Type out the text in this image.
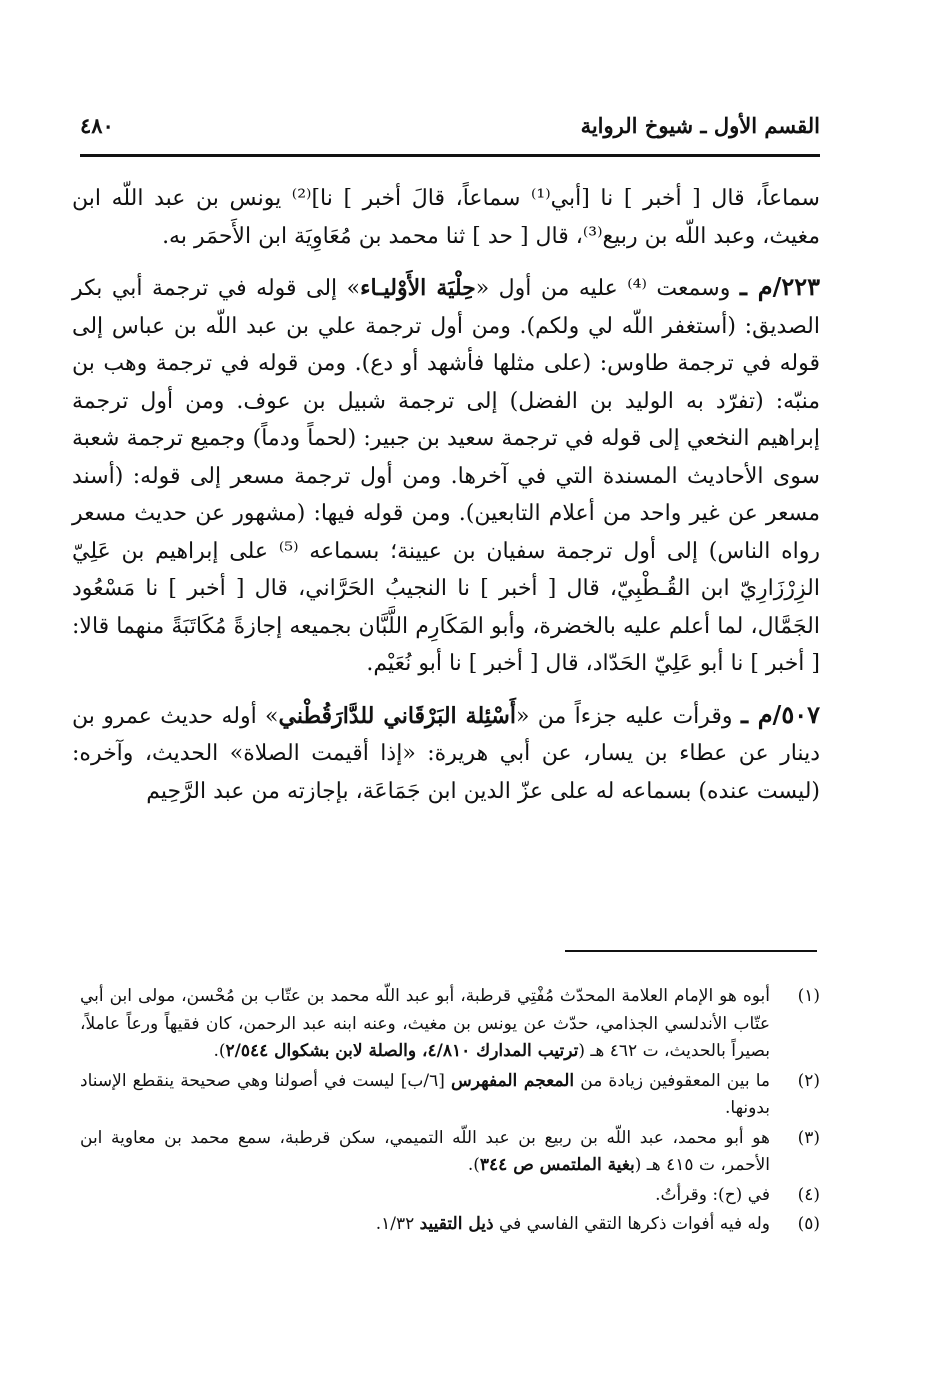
القسم الأول ـ شيوخ الرواية
٤٨٠

سماعاً، قال [ أخبر ] نا [أبي⁽¹⁾ سماعاً، قالَ أخبر ] نا]⁽²⁾ يونس بن عبد اللّه ابن مغيث، وعبد اللّه بن ربيع⁽³⁾، قال [ حد ] ثنا محمد بن مُعَاوِيَة ابن الأَحمَر به.

٢٢٣/م ـ وسمعت ⁽⁴⁾ عليه من أول «حِلْيَة الأَوْليـاء» إلى قوله في ترجمة أبي بكر الصديق: (أستغفر اللّه لي ولكم). ومن أول ترجمة علي بن عبد اللّه بن عباس إلى قوله في ترجمة طاوس: (على مثلها فأشهد أو دع). ومن قوله في ترجمة وهب بن منبّه: (تفرّد به الوليد بن الفضل) إلى ترجمة شبيل بن عوف. ومن أول ترجمة إبراهيم النخعي إلى قوله في ترجمة سعيد بن جبير: (لحماً ودماً) وجميع ترجمة شعبة سوى الأحاديث المسندة التي في آخرها. ومن أول ترجمة مسعر إلى قوله: (أسند مسعر عن غير واحد من أعلام التابعين). ومن قوله فيها: (مشهور عن حديث مسعر رواه الناس) إلى أول ترجمة سفيان بن عيينة؛ بسماعه ⁽⁵⁾ على إبراهيم بن عَلِيّ الزِرْزَارِيّ ابن القُـطْبِيّ، قال [ أخبر ] نا النجيبُ الحَرَّاني، قال [ أخبر ] نا مَسْعُود الجَمَّال، لما أعلم عليه بالخضرة، وأبو المَكَارِم اللَّبَّان بجميعه إجازةً مُكَاتَبَةً منهما قالا: [ أخبر ] نا أبو عَلِيّ الحَدّاد، قال [ أخبر ] نا أبو نُعَيْم.

٥٠٧/م ـ وقرأت عليه جزءاً من «أَسْئِلة البَرْقَاني للدَّارَقُطْني» أوله حديث عمرو بن دينار عن عطاء بن يسار، عن أبي هريرة: «إذا أقيمت الصلاة» الحديث، وآخره: (ليست عنده) بسماعه له على عزّ الدين ابن جَمَاعَة، بإجازته من عبد الرَّحِيم

(١)
أبوه هو الإمام العلامة المحدّث مُفْتِي قرطبة، أبو عبد اللّه محمد بن عتّاب بن مُحْسن، مولى ابن أبي عتّاب الأندلسي الجذامي، حدّث عن يونس بن مغيث، وعنه ابنه عبد الرحمن، كان فقيهاً ورعاً عاملاً، بصيراً بالحديث، ت ٤٦٢ هـ (ترتيب المدارك ٤/٨١٠، والصلة لابن بشكوال ٢/٥٤٤).
(٢)
ما بين المعقوفين زيادة من المعجم المفهرس [٦/ب] ليست في أصولنا وهي صحيحة ينقطع الإسناد بدونها.
(٣)
هو أبو محمد، عبد اللّه بن ربيع بن عبد اللّه التميمي، سكن قرطبة، سمع محمد بن معاوية ابن الأحمر، ت ٤١٥ هـ (بغية الملتمس ص ٣٤٤).
(٤)
في (ح): وقرأتُ.
(٥)
وله فيه أفوات ذكرها التقي الفاسي في ذيل التقييد ١/٣٢.
